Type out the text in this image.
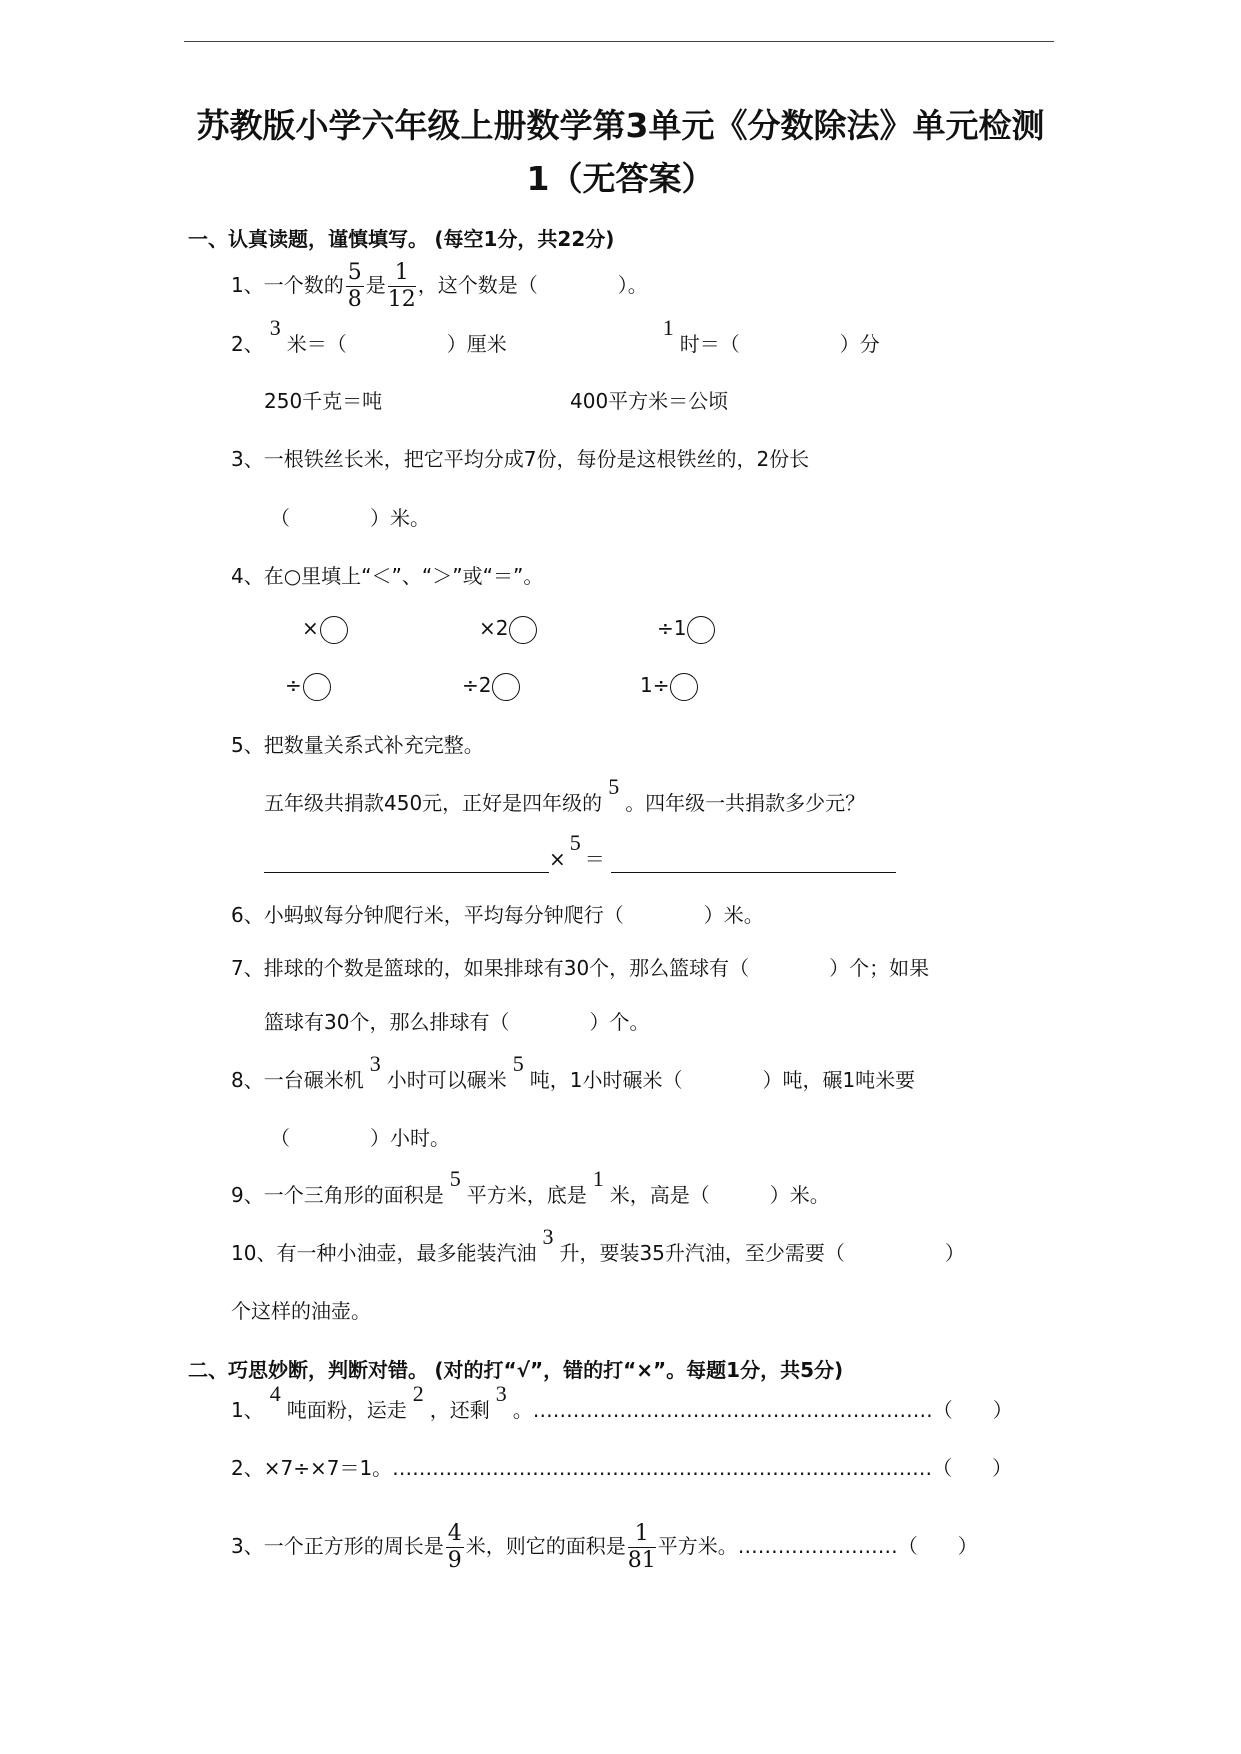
苏教版小学六年级上册数学第3单元《分数除法》单元检测
1（无答案）
一、认真读题，谨慎填写。 (每空1分，共22分)
1、一个数的 $\frac{5}{8}$ 是 $\frac{1}{12}$ ，这个数是（　　　　）。
2、3米＝（　　　　　）厘米1时＝（　　　　　）分
250千克＝吨	400平方米＝公顷
3、一根铁丝长米，把它平均分成7份，每份是这根铁丝的，2份长
（　　　　）米。
4、在○里填上“＜”、“＞”或“＝”。
×	×2	÷1
÷	÷2	1÷
5、把数量关系式补充完整。
五年级共捐款450元，正好是四年级的5。四年级一共捐款多少元？
×5＝
6、小蚂蚁每分钟爬行米，平均每分钟爬行（　　　　）米。
7、排球的个数是篮球的，如果排球有30个，那么篮球有（　　　　）个；如果
篮球有30个，那么排球有（　　　　）个。
8、一台碾米机3小时可以碾米5吨，1小时碾米（　　　　）吨，碾1吨米要
（　　　　）小时。
9、一个三角形的面积是5平方米，底是1米，高是（　　　）米。
10、有一种小油壶，最多能装汽油3升，要装35升汽油，至少需要（　　　　　）
个这样的油壶。
二、巧思妙断，判断对错。 (对的打“√”，错的打“×”。每题1分，共5分)
1、4吨面粉，运走2，还剩3。……………………………………………………（　　）
2、×7÷×7＝1。………………………………………………………………………（　　）
3、一个正方形的周长是 $\frac{4}{9}$ 米，则它的面积是 $\frac{1}{81}$ 平方米。……………………（　　）
